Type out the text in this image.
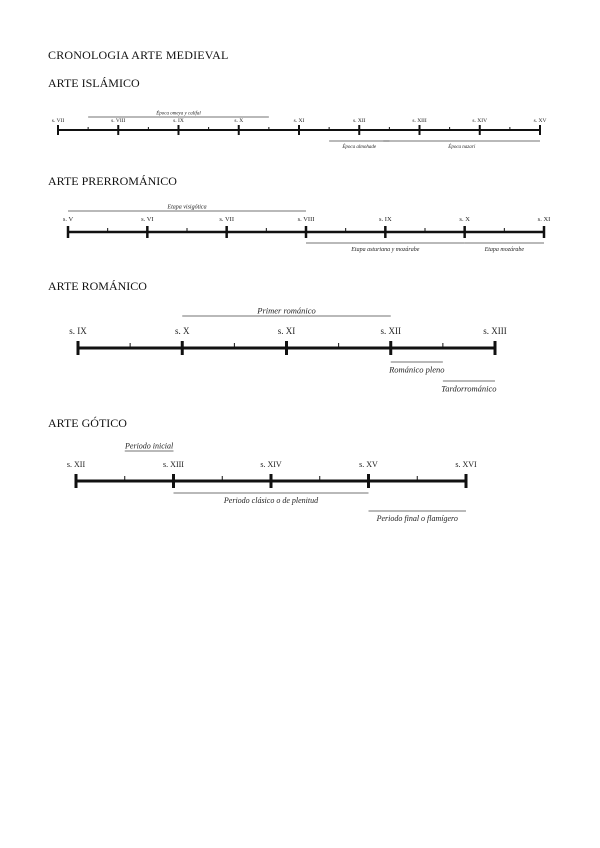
CRONOLOGIA ARTE MEDIEVAL
ARTE ISLÁMICO
s. VII	s. VIII	s. IX	s. X	s. XI	s. XII	s. XIII	s. XIV	s. XV
Época omeya y califal
Época almohade	Época nazarí
ARTE PRERROMÁNICO
s. V	s. VI	s. VII	s. VIII	s. IX	s. X	s. XI
Etapa visigótica
Etapa asturiana y mozárabe	Etapa mozárabe
ARTE ROMÁNICO
s. IX	s. X	s. XI	s. XII	s. XIII
Primer románico
Románico pleno
Tardorrománico
ARTE GÓTICO
s. XII	s. XIII	s. XIV	s. XV	s. XVI
Periodo inicial
Periodo clásico o de plenitud
Periodo final o flamígero
